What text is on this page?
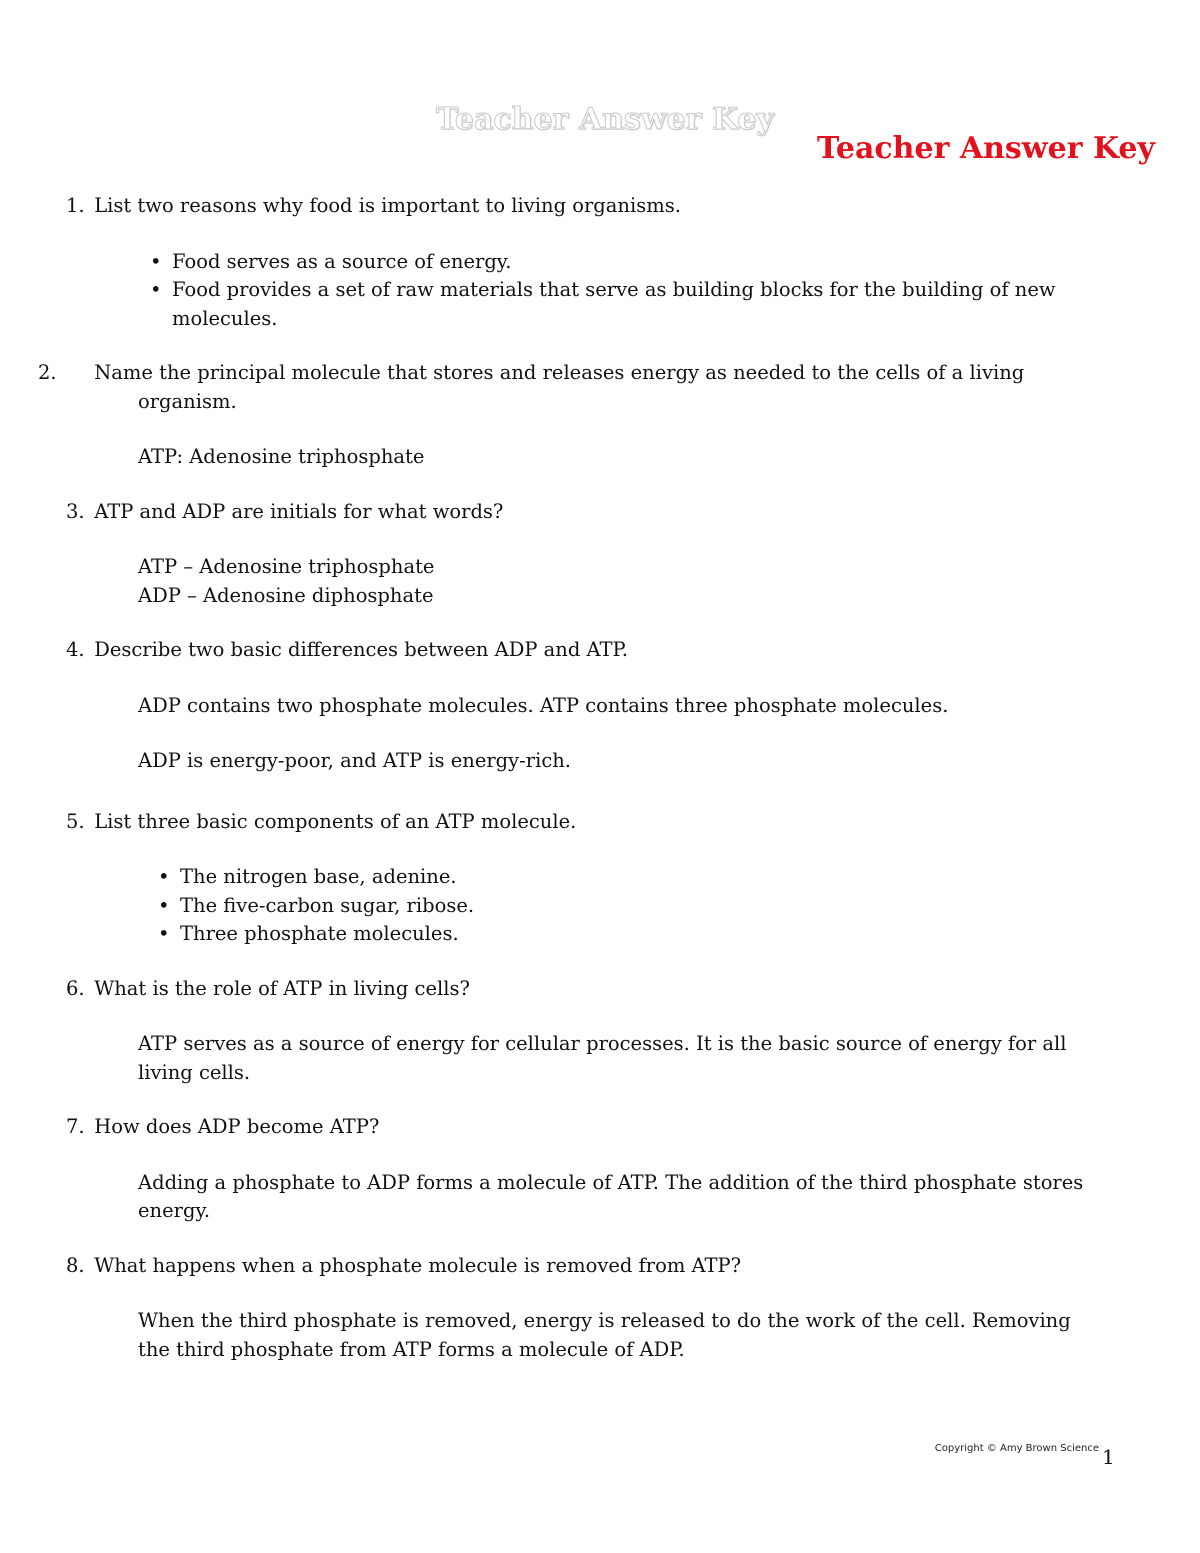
Teacher Answer Key
Teacher Answer Key

1. List two reasons why food is important to living organisms.

• Food serves as a source of energy.
• Food provides a set of raw materials that serve as building blocks for the building of new molecules.

2. Name the principal molecule that stores and releases energy as needed to the cells of a living organism.

ATP: Adenosine triphosphate

3. ATP and ADP are initials for what words?

ATP – Adenosine triphosphate

ADP – Adenosine diphosphate

4. Describe two basic differences between ADP and ATP.

ADP contains two phosphate molecules. ATP contains three phosphate molecules.

ADP is energy-poor, and ATP is energy-rich.

5. List three basic components of an ATP molecule.

• The nitrogen base, adenine.
• The five-carbon sugar, ribose.
• Three phosphate molecules.

6. What is the role of ATP in living cells?

ATP serves as a source of energy for cellular processes. It is the basic source of energy for all living cells.

7. How does ADP become ATP?

Adding a phosphate to ADP forms a molecule of ATP. The addition of the third phosphate stores energy.

8. What happens when a phosphate molecule is removed from ATP?

When the third phosphate is removed, energy is released to do the work of the cell. Removing the third phosphate from ATP forms a molecule of ADP.

Copyright © Amy Brown Science 1
